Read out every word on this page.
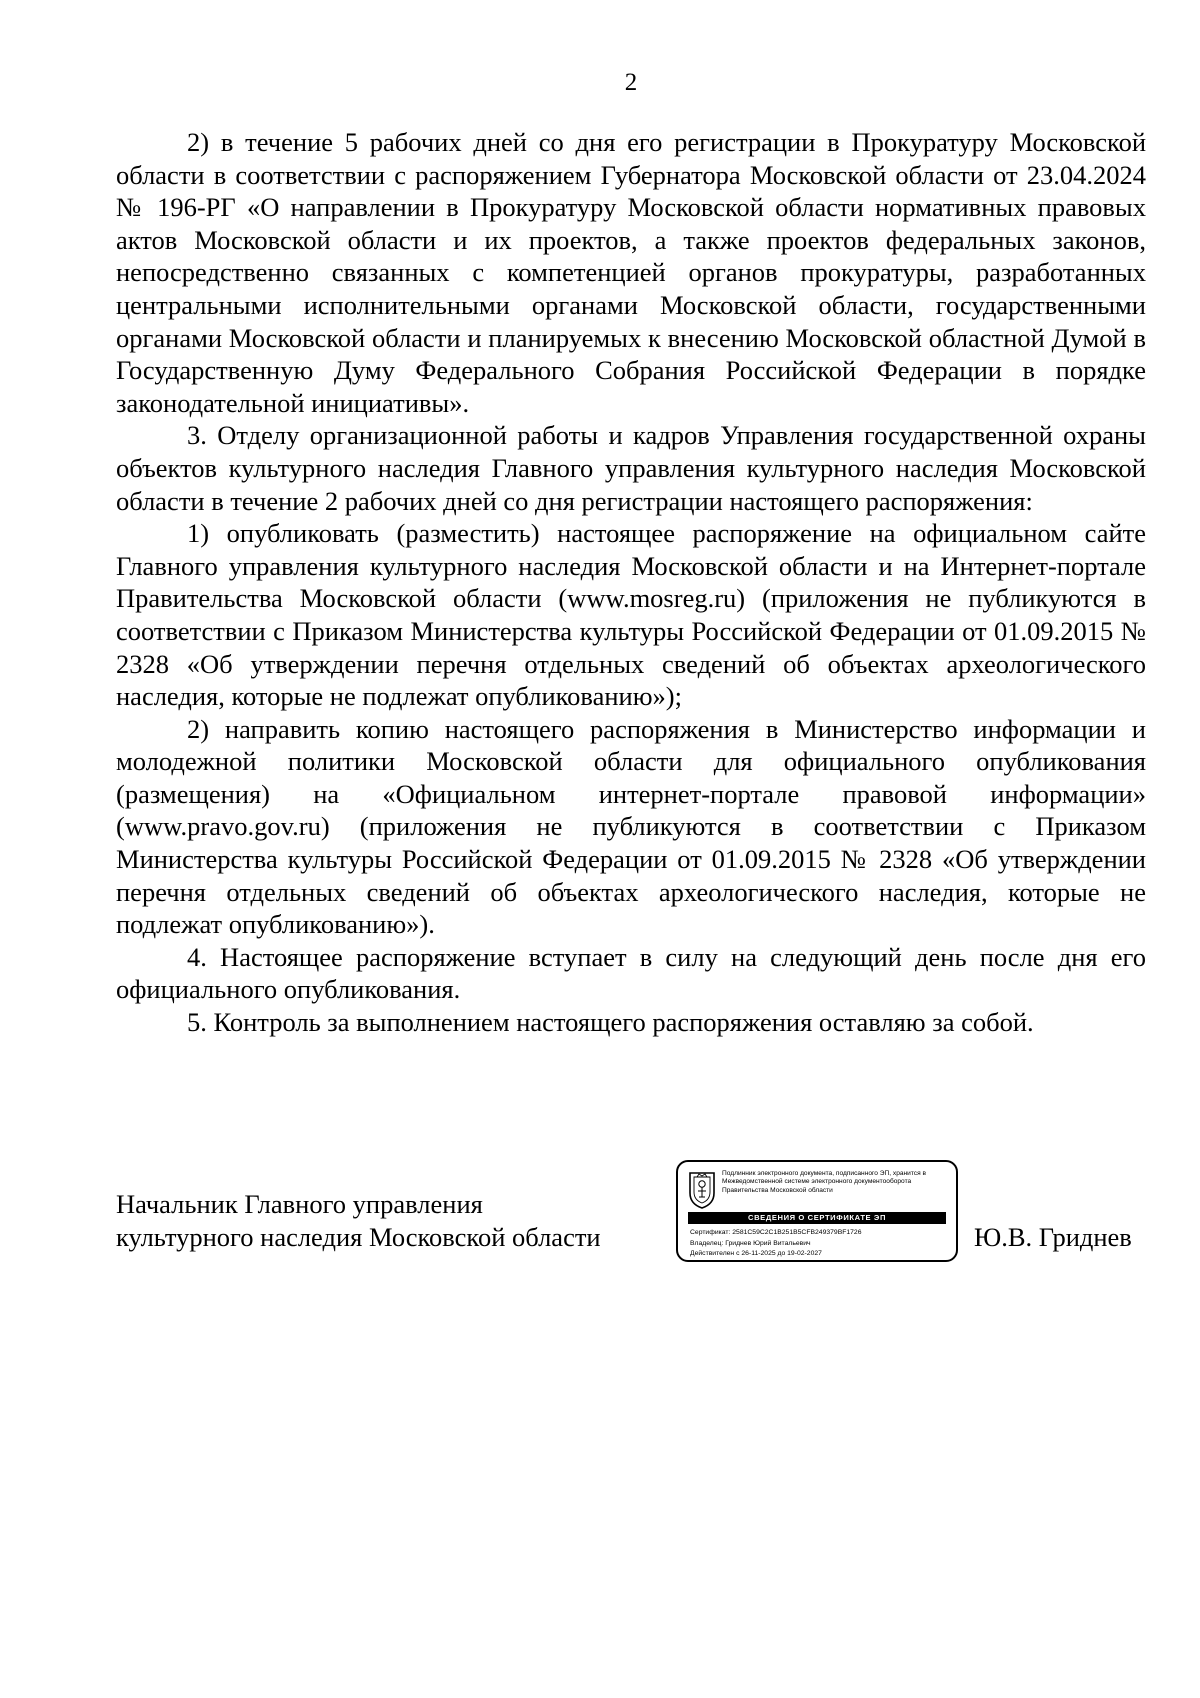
2

2) в течение 5 рабочих дней со дня его регистрации в Прокуратуру Московской области в соответствии с распоряжением Губернатора Московской области от 23.04.2024 № 196-РГ «О направлении в Прокуратуру Московской области нормативных правовых актов Московской области и их проектов, а также проектов федеральных законов, непосредственно связанных с компетенцией органов прокуратуры, разработанных центральными исполнительными органами Московской области, государственными органами Московской области и планируемых к внесению Московской областной Думой в Государственную Думу Федерального Собрания Российской Федерации в порядке законодательной инициативы».

3. Отделу организационной работы и кадров Управления государственной охраны объектов культурного наследия Главного управления культурного наследия Московской области в течение 2 рабочих дней со дня регистрации настоящего распоряжения:

1) опубликовать (разместить) настоящее распоряжение на официальном сайте Главного управления культурного наследия Московской области и на Интернет-портале Правительства Московской области (www.mosreg.ru) (приложения не публикуются в соответствии с Приказом Министерства культуры Российской Федерации от 01.09.2015 № 2328 «Об утверждении перечня отдельных сведений об объектах археологического наследия, которые не подлежат опубликованию»);

2) направить копию настоящего распоряжения в Министерство информации и молодежной политики Московской области для официального опубликования (размещения) на «Официальном интернет-портале правовой информации» (www.pravo.gov.ru) (приложения не публикуются в соответствии с Приказом Министерства культуры Российской Федерации от 01.09.2015 № 2328 «Об утверждении перечня отдельных сведений об объектах археологического наследия, которые не подлежат опубликованию»).

4. Настоящее распоряжение вступает в силу на следующий день после дня его официального опубликования.

5. Контроль за выполнением настоящего распоряжения оставляю за собой.

Начальник Главного управления
культурного наследия Московской области
Подлинник электронного документа, подписанного ЭП, хранится в Межведомственной системе электронного документооборота Правительства Московской области
СВЕДЕНИЯ О СЕРТИФИКАТЕ ЭП
Сертификат: 2581C59C2C1B251B5CFB249379BF1726
Владелец: Гриднев Юрий Витальевич
Действителен с 26-11-2025 до 19-02-2027
Ю.В. Гриднев
